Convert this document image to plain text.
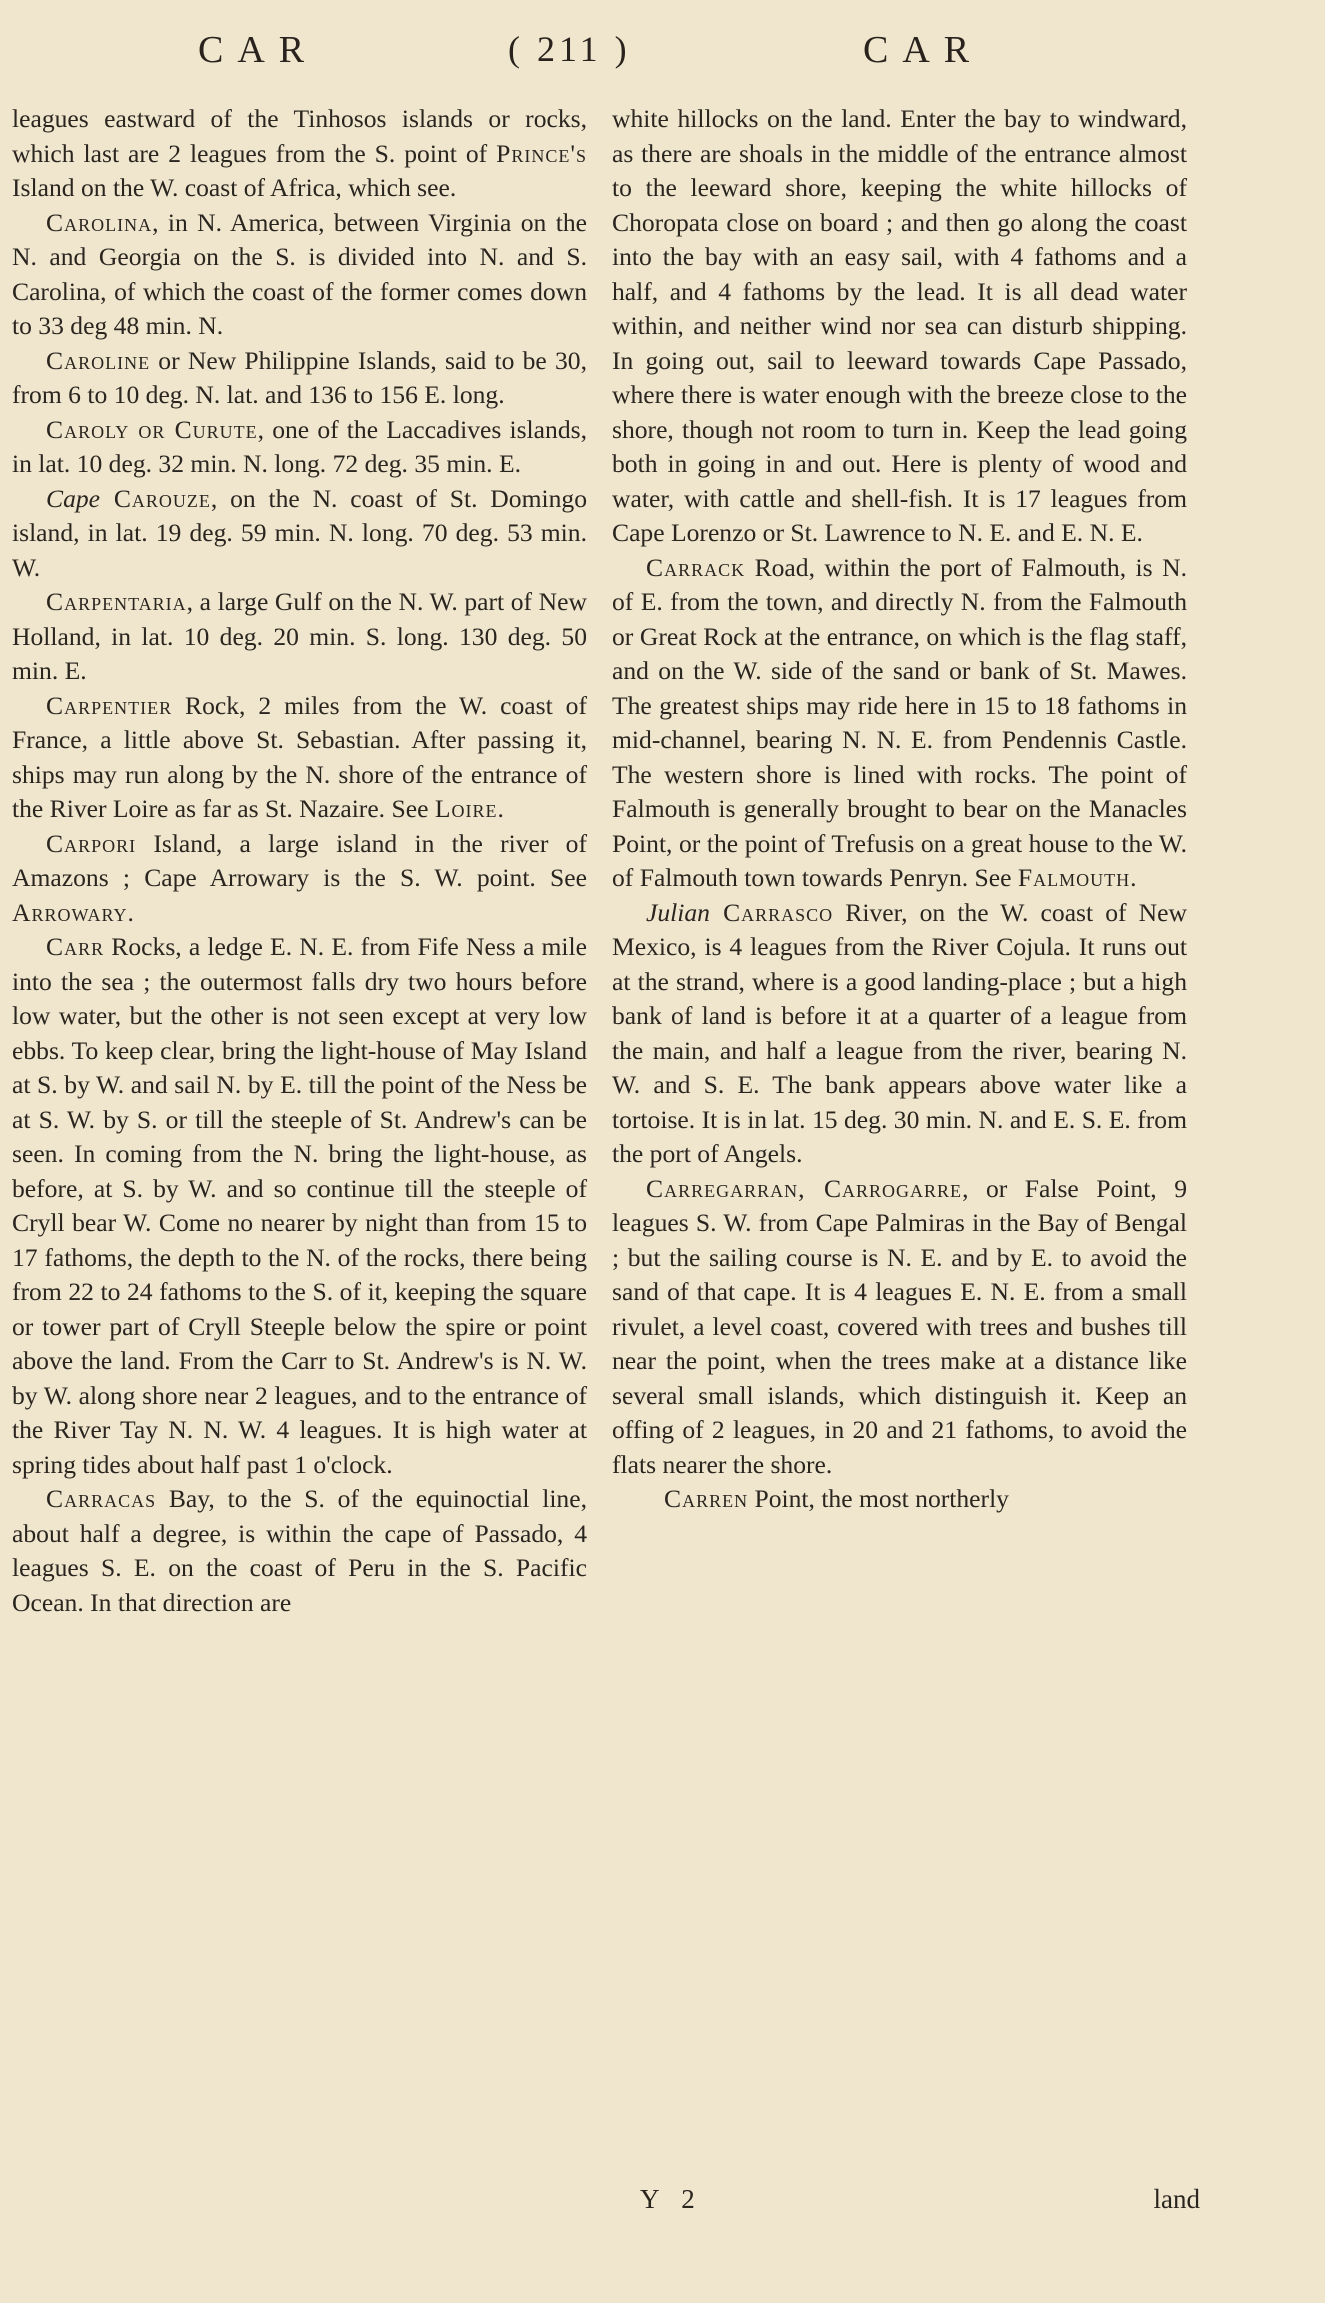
CAR	( 211 )	CAR

leagues eastward of the Tinhosos islands or rocks, which last are 2 leagues from the S. point of Prince's Island on the W. coast of Africa, which see.

Carolina, in N. America, between Virginia on the N. and Georgia on the S. is divided into N. and S. Carolina, of which the coast of the former comes down to 33 deg 48 min. N.

Caroline or New Philippine Islands, said to be 30, from 6 to 10 deg. N. lat. and 136 to 156 E. long.

Caroly or Curute, one of the Laccadives islands, in lat. 10 deg. 32 min. N. long. 72 deg. 35 min. E.

Cape Carouze, on the N. coast of St. Domingo island, in lat. 19 deg. 59 min. N. long. 70 deg. 53 min. W.

Carpentaria, a large Gulf on the N. W. part of New Holland, in lat. 10 deg. 20 min. S. long. 130 deg. 50 min. E.

Carpentier Rock, 2 miles from the W. coast of France, a little above St. Sebastian. After passing it, ships may run along by the N. shore of the entrance of the River Loire as far as St. Nazaire. See Loire.

Carpori Island, a large island in the river of Amazons ; Cape Arrowary is the S. W. point. See Arrowary.

Carr Rocks, a ledge E. N. E. from Fife Ness a mile into the sea ; the outermost falls dry two hours before low water, but the other is not seen except at very low ebbs. To keep clear, bring the light-house of May Island at S. by W. and sail N. by E. till the point of the Ness be at S. W. by S. or till the steeple of St. Andrew's can be seen. In coming from the N. bring the light-house, as before, at S. by W. and so continue till the steeple of Cryll bear W. Come no nearer by night than from 15 to 17 fathoms, the depth to the N. of the rocks, there being from 22 to 24 fathoms to the S. of it, keeping the square or tower part of Cryll Steeple below the spire or point above the land. From the Carr to St. Andrew's is N. W. by W. along shore near 2 leagues, and to the entrance of the River Tay N. N. W. 4 leagues. It is high water at spring tides about half past 1 o'clock.

Carracas Bay, to the S. of the equinoctial line, about half a degree, is within the cape of Passado, 4 leagues S. E. on the coast of Peru in the S. Pacific Ocean. In that direction are

white hillocks on the land. Enter the bay to windward, as there are shoals in the middle of the entrance almost to the leeward shore, keeping the white hillocks of Choropata close on board ; and then go along the coast into the bay with an easy sail, with 4 fathoms and a half, and 4 fathoms by the lead. It is all dead water within, and neither wind nor sea can disturb shipping. In going out, sail to leeward towards Cape Passado, where there is water enough with the breeze close to the shore, though not room to turn in. Keep the lead going both in going in and out. Here is plenty of wood and water, with cattle and shell-fish. It is 17 leagues from Cape Lorenzo or St. Lawrence to N. E. and E. N. E.

Carrack Road, within the port of Falmouth, is N. of E. from the town, and directly N. from the Falmouth or Great Rock at the entrance, on which is the flag staff, and on the W. side of the sand or bank of St. Mawes. The greatest ships may ride here in 15 to 18 fathoms in mid-channel, bearing N. N. E. from Pendennis Castle. The western shore is lined with rocks. The point of Falmouth is generally brought to bear on the Manacles Point, or the point of Trefusis on a great house to the W. of Falmouth town towards Penryn. See Falmouth.

Julian Carrasco River, on the W. coast of New Mexico, is 4 leagues from the River Cojula. It runs out at the strand, where is a good landing-place ; but a high bank of land is before it at a quarter of a league from the main, and half a league from the river, bearing N. W. and S. E. The bank appears above water like a tortoise. It is in lat. 15 deg. 30 min. N. and E. S. E. from the port of Angels.

Carregarran, Carrogarre, or False Point, 9 leagues S. W. from Cape Palmiras in the Bay of Bengal ; but the sailing course is N. E. and by E. to avoid the sand of that cape. It is 4 leagues E. N. E. from a small rivulet, a level coast, covered with trees and bushes till near the point, when the trees make at a distance like several small islands, which distinguish it. Keep an offing of 2 leagues, in 20 and 21 fathoms, to avoid the flats nearer the shore.

Carren Point, the most northerly

Y 2	land
